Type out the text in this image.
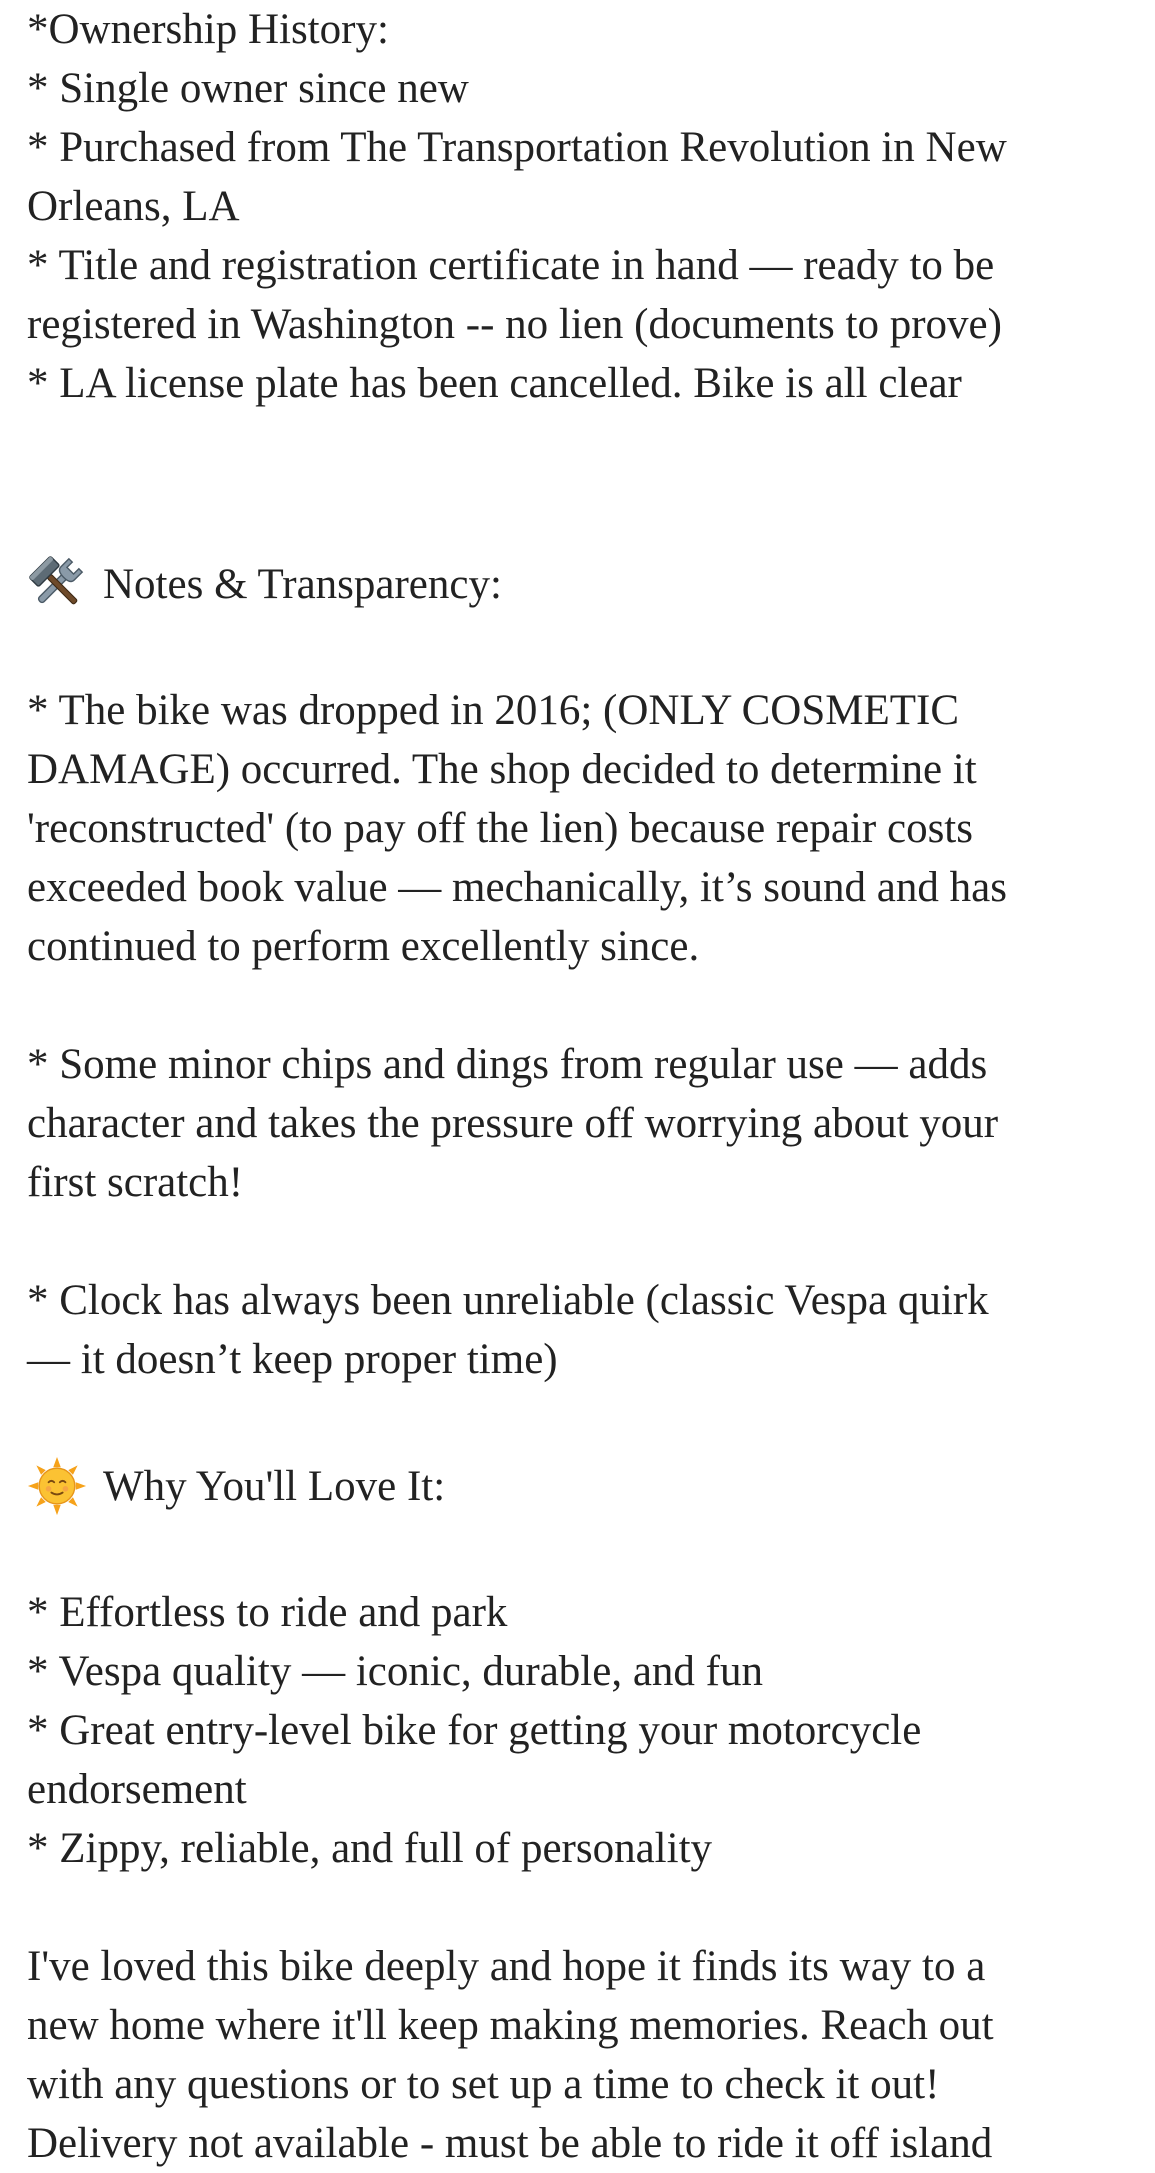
*Ownership History:
* Single owner since new
* Purchased from The Transportation Revolution in New
Orleans, LA
* Title and registration certificate in hand — ready to be
registered in Washington -- no lien (documents to prove)
* LA license plate has been cancelled. Bike is all clear
Notes & Transparency:
* The bike was dropped in 2016; (ONLY COSMETIC
DAMAGE) occurred. The shop decided to determine it
'reconstructed' (to pay off the lien) because repair costs
exceeded book value — mechanically, it’s sound and has
continued to perform excellently since.
* Some minor chips and dings from regular use — adds
character and takes the pressure off worrying about your
first scratch!
* Clock has always been unreliable (classic Vespa quirk
— it doesn’t keep proper time)
Why You'll Love It:
* Effortless to ride and park
* Vespa quality — iconic, durable, and fun
* Great entry-level bike for getting your motorcycle
endorsement
* Zippy, reliable, and full of personality
I've loved this bike deeply and hope it finds its way to a
new home where it'll keep making memories. Reach out
with any questions or to set up a time to check it out!
Delivery not available - must be able to ride it off island
